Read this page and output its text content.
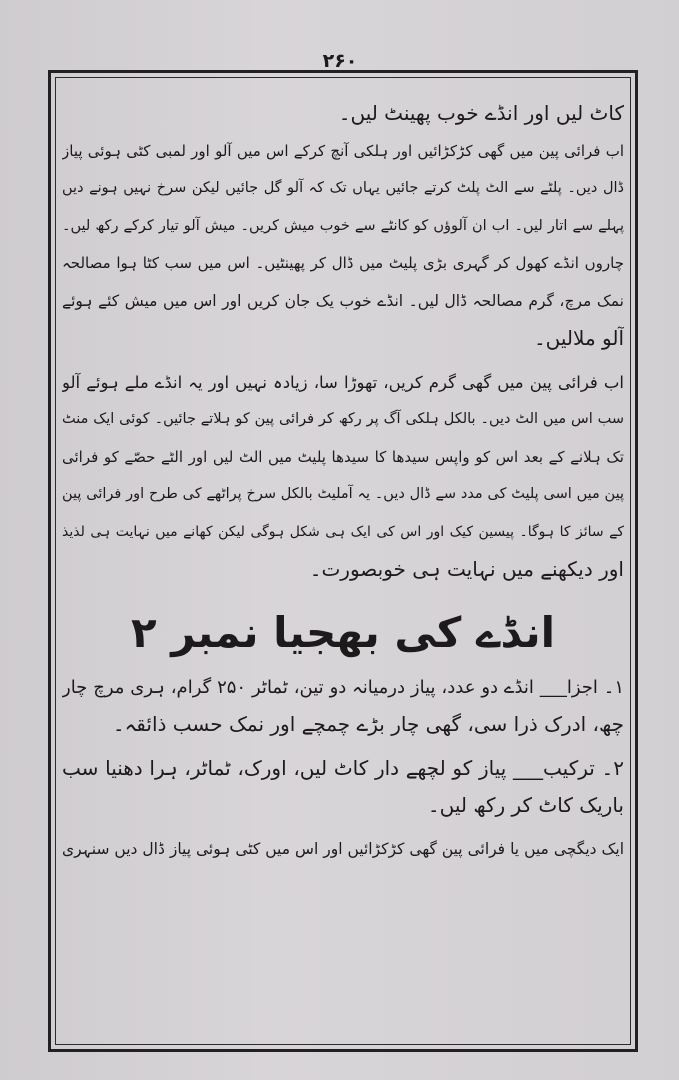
۲۶۰
کاٹ لیں اور انڈے خوب پھینٹ لیں۔
اب فرائی پین میں گھی کڑکڑائیں اور ہلکی آنچ کرکے اس میں آلو اور لمبی کٹی ہوئی پیاز
ڈال دیں۔ پلٹے سے الٹ پلٹ کرتے جائیں یہاں تک کہ آلو گل جائیں لیکن سرخ نہیں ہونے دیں
پہلے سے اتار لیں۔ اب ان آلوؤں کو کانٹے سے خوب میش کریں۔ میش آلو تیار کرکے رکھ لیں۔
چاروں انڈے کھول کر گہری بڑی پلیٹ میں ڈال کر پھینٹیں۔ اس میں سب کٹا ہوا مصالحہ
نمک مرچ، گرم مصالحہ ڈال لیں۔ انڈے خوب یک جان کریں اور اس میں میش کئے ہوئے
آلو ملالیں۔
اب فرائی پین میں گھی گرم کریں، تھوڑا سا، زیادہ نہیں اور یہ انڈے ملے ہوئے آلو
سب اس میں الٹ دیں۔ بالکل ہلکی آگ پر رکھ کر فرائی پین کو ہلاتے جائیں۔ کوئی ایک منٹ
تک ہلانے کے بعد اس کو واپس سیدھا کا سیدھا پلیٹ میں الٹ لیں اور الٹے حصّے کو فرائی
پین میں اسی پلیٹ کی مدد سے ڈال دیں۔ یہ آملیٹ بالکل سرخ پراٹھے کی طرح اور فرائی پین
کے سائز کا ہوگا۔ پیسین کیک اور اس کی ایک ہی شکل ہوگی لیکن کھانے میں نہایت ہی لذیذ
اور دیکھنے میں نہایت ہی خوبصورت۔
انڈے کی بھجیا نمبر ۲
۱۔ اجزا___ انڈے دو عدد، پیاز درمیانہ دو تین، ٹماٹر ۲۵۰ گرام، ہری مرچ چار
چھ، ادرک ذرا سی، گھی چار بڑے چمچے اور نمک حسب ذائقہ۔
۲۔ ترکیب___ پیاز کو لچھے دار کاٹ لیں، اورک، ٹماٹر، ہرا دھنیا سب
باریک کاٹ کر رکھ لیں۔
ایک دیگچی میں یا فرائی پین گھی کڑکڑائیں اور اس میں کٹی ہوئی پیاز ڈال دیں سنہری
